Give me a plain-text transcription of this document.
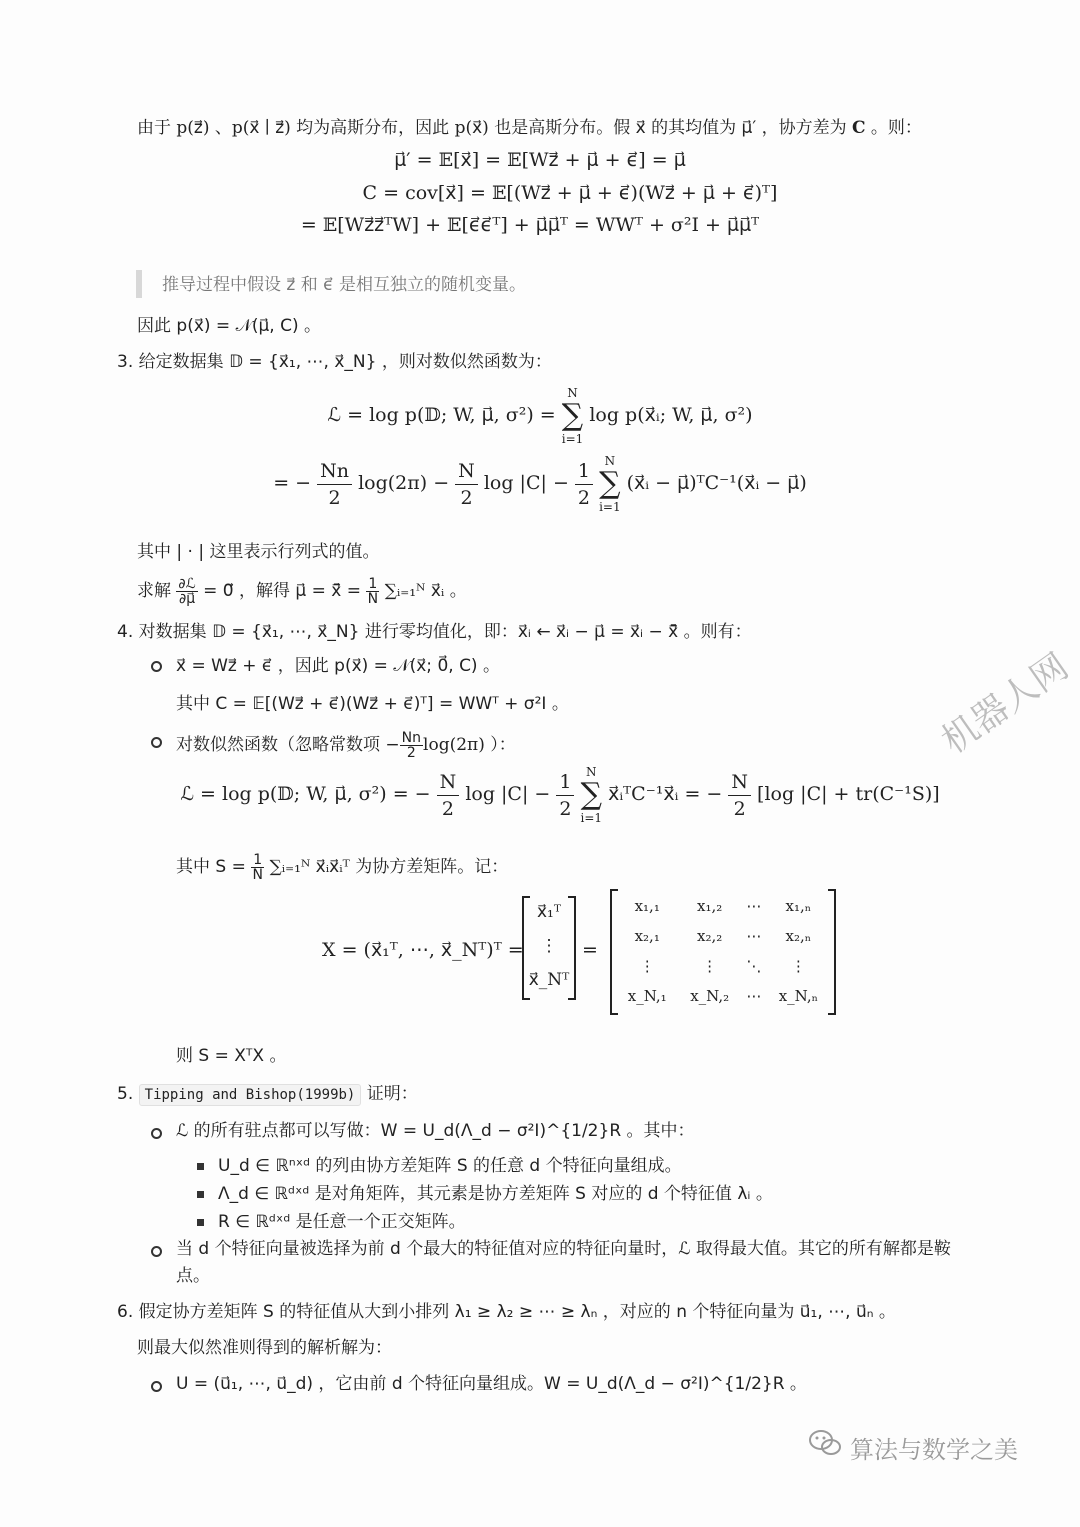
由于 p(z⃗) 、p(x⃗ ∣ z⃗) 均为高斯分布，因此 p(x⃗) 也是高斯分布。假 x⃗ 的其均值为 μ⃗′ ，协方差为 C 。则：
μ⃗′ = 𝔼[x⃗] = 𝔼[Wz⃗ + μ⃗ + ϵ⃗] = μ⃗
C = cov[x⃗] = 𝔼[(Wz⃗ + μ⃗ + ϵ⃗)(Wz⃗ + μ⃗ + ϵ⃗)ᵀ]
= 𝔼[Wz⃗z⃗ᵀW] + 𝔼[ϵ⃗ϵ⃗ᵀ] + μ⃗μ⃗ᵀ = WWᵀ + σ²I + μ⃗μ⃗ᵀ
推导过程中假设 z⃗ 和 ϵ⃗ 是相互独立的随机变量。
因此 p(x⃗) = 𝒩(μ⃗, C) 。
3. 给定数据集 𝔻 = {x⃗₁, ⋯, x⃗_N} ，则对数似然函数为：
ℒ = log p(𝔻; W, μ⃗, σ²) =
N
∑
i=1
log p(x⃗ᵢ; W, μ⃗, σ²)
= − $\frac{Nn}{2} \log(2\pi) - \frac{N}{2}$ $\log |C| - \frac{1}{2}$
N
∑
i=1
(x⃗ᵢ − μ⃗)ᵀC⁻¹(x⃗ᵢ − μ⃗)
其中 | · | 这里表示行列式的值。
求解 $\frac{\text{∂ℒ}}{\partial\mu⃗}$ = 0⃗ ，解得 μ⃗ = x̄⃗ = $\frac{1}{N}$ ∑ᵢ₌₁ᴺ x⃗ᵢ 。
4. 对数据集 𝔻 = {x⃗₁, ⋯, x⃗_N} 进行零均值化，即：x⃗ᵢ ← x⃗ᵢ − μ⃗ = x⃗ᵢ − x̄⃗ 。则有：
x⃗ = Wz⃗ + ϵ⃗ ，因此 p(x⃗) = 𝒩(x⃗; 0⃗, C) 。
其中 C = 𝔼[(Wz⃗ + ϵ⃗)(Wz⃗ + ϵ⃗)ᵀ] = WWᵀ + σ²I 。
对数似然函数（忽略常数项 − $\frac{Nn}{2} \log(2\pi)$ ）：
ℒ = log p(𝔻; W, μ⃗, σ²) = − $\frac{N}{2}$ $\log |C| - \frac{1}{2}$
N
∑
i=1
x⃗ᵢᵀC⁻¹x⃗ᵢ = − $\frac{N}{2} [\log$ |C| + tr(C⁻¹S)]
其中 $S = \frac{1}{N}$ ∑ᵢ₌₁ᴺ x⃗ᵢx⃗ᵢᵀ 为协方差矩阵。记：
X = (x⃗₁ᵀ, ⋯, x⃗_Nᵀ)ᵀ =
x⃗₁ᵀ
⋮
x⃗_Nᵀ
=
x₁,₁	x₁,₂	⋯	x₁,ₙ
x₂,₁	x₂,₂	⋯	x₂,ₙ
⋮	⋮	⋱	⋮
x_N,₁	x_N,₂	⋯	x_N,ₙ
则 S = XᵀX 。
5. Tipping and Bishop(1999b) 证明：
ℒ 的所有驻点都可以写做：W = U_d(Λ_d − σ²I)^{1/2}R 。其中：
U_d ∈ ℝⁿˣᵈ 的列由协方差矩阵 S 的任意 d 个特征向量组成。
Λ_d ∈ ℝᵈˣᵈ 是对角矩阵，其元素是协方差矩阵 S 对应的 d 个特征值 λᵢ 。
R ∈ ℝᵈˣᵈ 是任意一个正交矩阵。
当 d 个特征向量被选择为前 d 个最大的特征值对应的特征向量时，ℒ 取得最大值。其它的所有解都是鞍
点。
6. 假定协方差矩阵 S 的特征值从大到小排列 λ₁ ≥ λ₂ ≥ ⋯ ≥ λₙ ，对应的 n 个特征向量为 u⃗₁, ⋯, u⃗ₙ 。
则最大似然准则得到的解析解为：
U = (u⃗₁, ⋯, u⃗_d) ，它由前 d 个特征向量组成。W = U_d(Λ_d − σ²I)^{1/2}R 。
机器人网
算法与数学之美
